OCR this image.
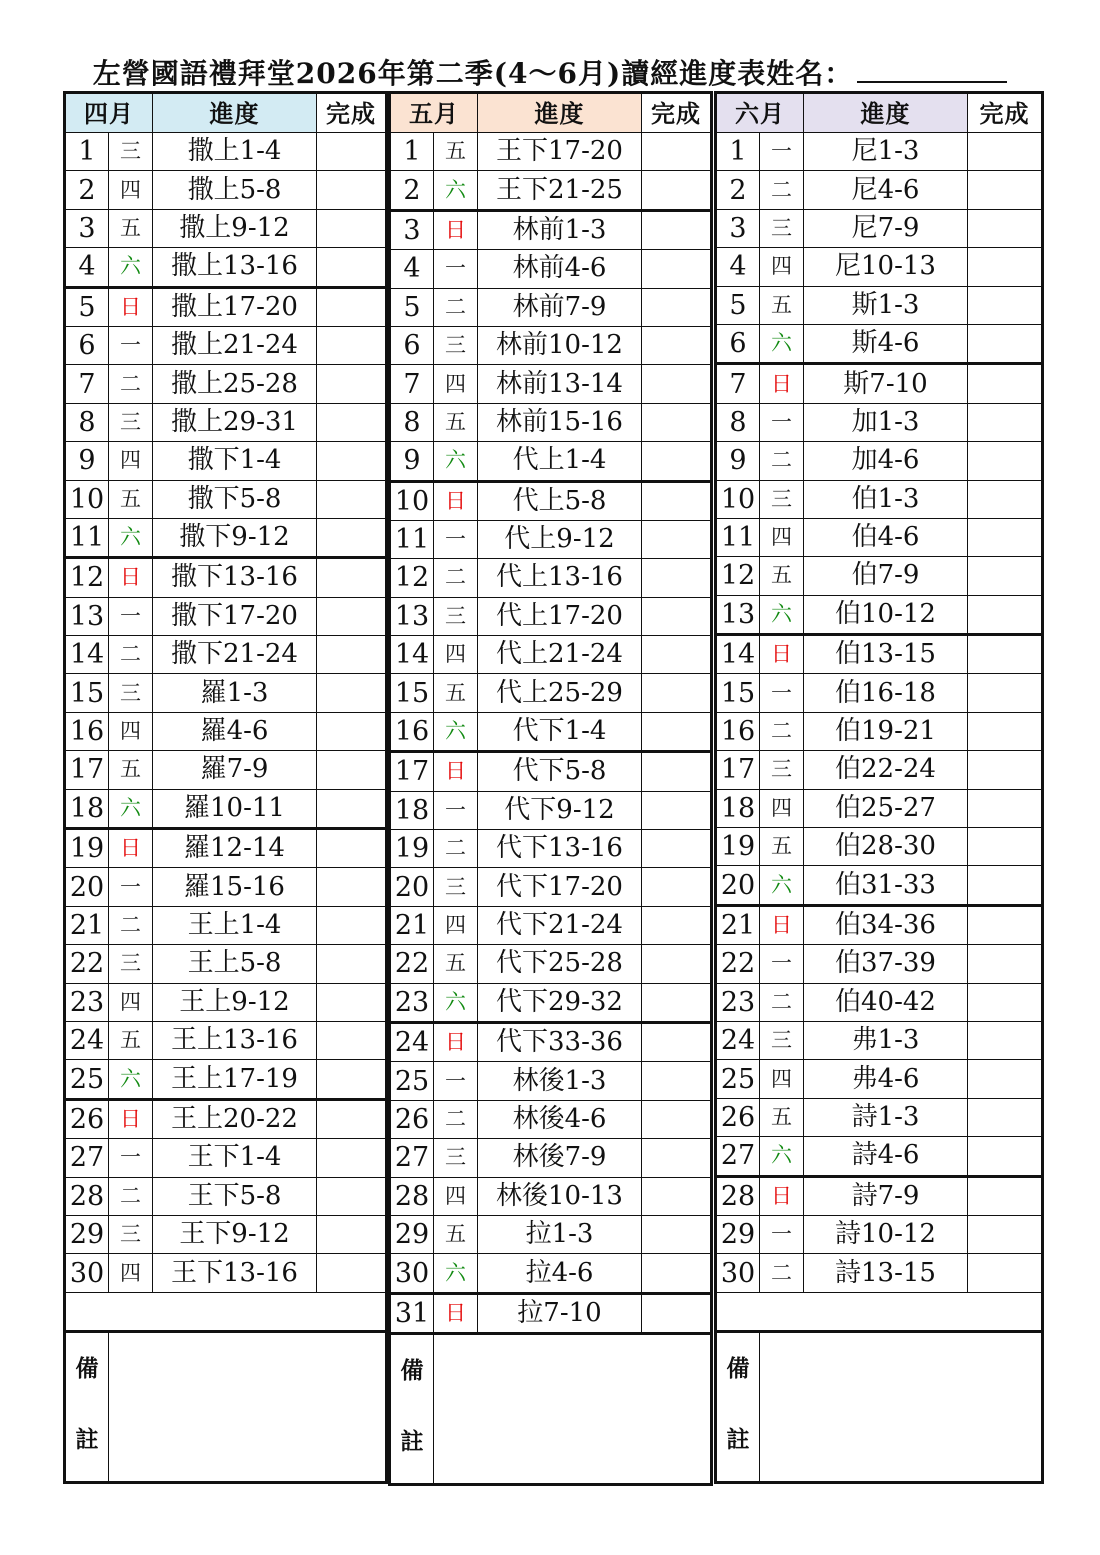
左營國語禮拜堂2026年第二季(4～6月)讀經進度表姓名：
四月		進度	完成
1	三	撒上1-4	
2	四	撒上5-8	
3	五	撒上9-12	
4	六	撒上13-16	
5	日	撒上17-20	
6	一	撒上21-24	
7	二	撒上25-28	
8	三	撒上29-31	
9	四	撒下1-4	
10	五	撒下5-8	
11	六	撒下9-12	
12	日	撒下13-16	
13	一	撒下17-20	
14	二	撒下21-24	
15	三	羅1-3	
16	四	羅4-6	
17	五	羅7-9	
18	六	羅10-11	
19	日	羅12-14	
20	一	羅15-16	
21	二	王上1-4	
22	三	王上5-8	
23	四	王上9-12	
24	五	王上13-16	
25	六	王上17-19	
26	日	王上20-22	
27	一	王下1-4	
28	二	王下5-8	
29	三	王下9-12	
30	四	王下13-16	

備
註			

五月		進度	完成
1	五	王下17-20	
2	六	王下21-25	
3	日	林前1-3	
4	一	林前4-6	
5	二	林前7-9	
6	三	林前10-12	
7	四	林前13-14	
8	五	林前15-16	
9	六	代上1-4	
10	日	代上5-8	
11	一	代上9-12	
12	二	代上13-16	
13	三	代上17-20	
14	四	代上21-24	
15	五	代上25-29	
16	六	代下1-4	
17	日	代下5-8	
18	一	代下9-12	
19	二	代下13-16	
20	三	代下17-20	
21	四	代下21-24	
22	五	代下25-28	
23	六	代下29-32	
24	日	代下33-36	
25	一	林後1-3	
26	二	林後4-6	
27	三	林後7-9	
28	四	林後10-13	
29	五	拉1-3	
30	六	拉4-6	
31	日	拉7-10	

備
註			

六月		進度	完成
1	一	尼1-3	
2	二	尼4-6	
3	三	尼7-9	
4	四	尼10-13	
5	五	斯1-3	
6	六	斯4-6	
7	日	斯7-10	
8	一	加1-3	
9	二	加4-6	
10	三	伯1-3	
11	四	伯4-6	
12	五	伯7-9	
13	六	伯10-12	
14	日	伯13-15	
15	一	伯16-18	
16	二	伯19-21	
17	三	伯22-24	
18	四	伯25-27	
19	五	伯28-30	
20	六	伯31-33	
21	日	伯34-36	
22	一	伯37-39	
23	二	伯40-42	
24	三	弗1-3	
25	四	弗4-6	
26	五	詩1-3	
27	六	詩4-6	
28	日	詩7-9	
29	一	詩10-12	
30	二	詩13-15	

備
註			
